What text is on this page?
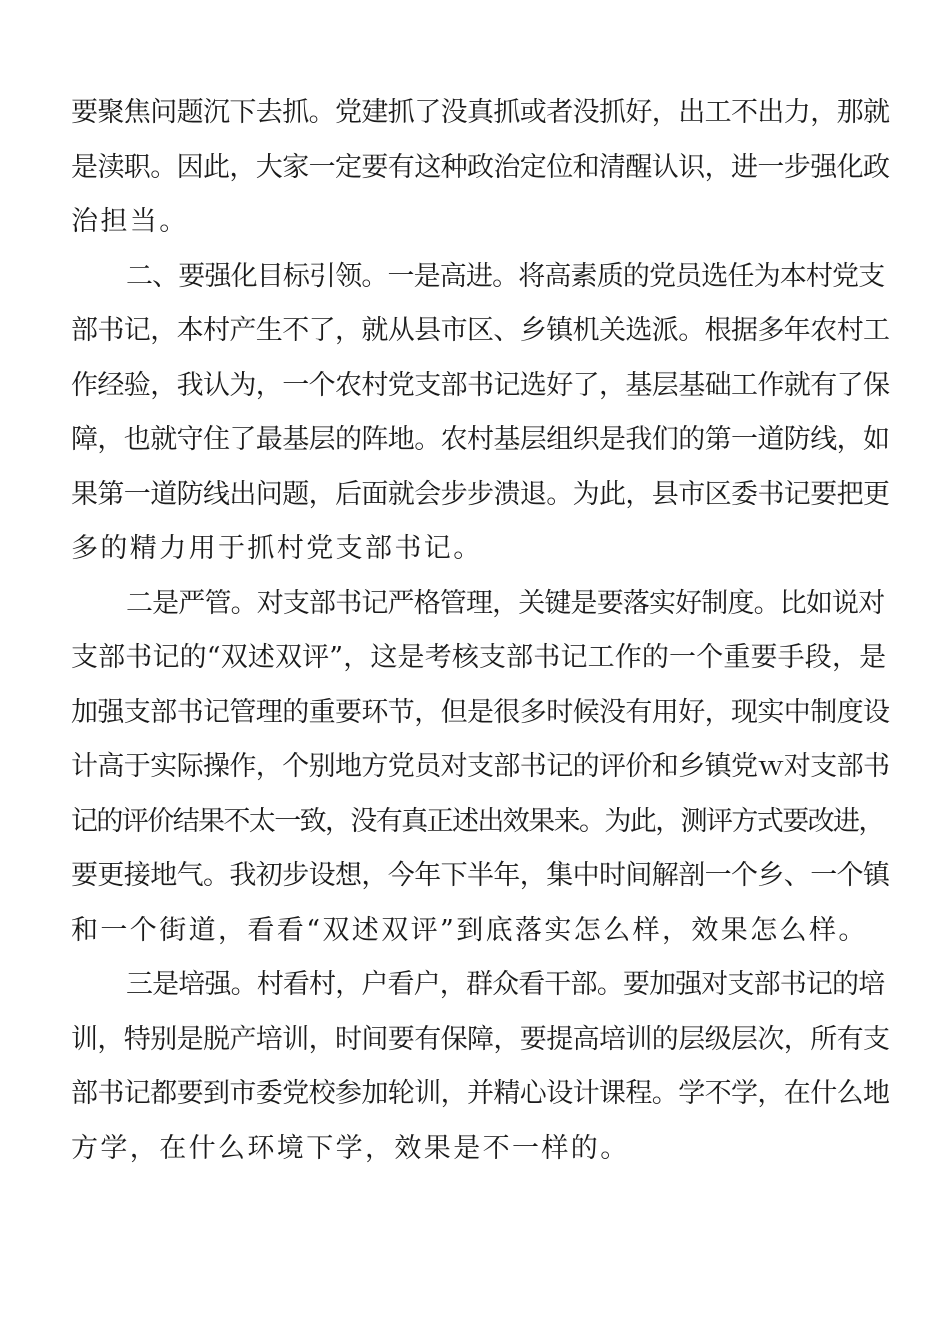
要聚焦问题沉下去抓。党建抓了没真抓或者没抓好，出工不出力，那就
是渎职。因此，大家一定要有这种政治定位和清醒认识，进一步强化政
治担当。
二、要强化目标引领。一是高进。将高素质的党员选任为本村党支
部书记，本村产生不了，就从县市区、乡镇机关选派。根据多年农村工
作经验，我认为，一个农村党支部书记选好了，基层基础工作就有了保
障，也就守住了最基层的阵地。农村基层组织是我们的第一道防线，如
果第一道防线出问题，后面就会步步溃退。为此，县市区委书记要把更
多的精力用于抓村党支部书记。
二是严管。对支部书记严格管理，关键是要落实好制度。比如说对
支部书记的“双述双评”，这是考核支部书记工作的一个重要手段，是
加强支部书记管理的重要环节，但是很多时候没有用好，现实中制度设
计高于实际操作，个别地方党员对支部书记的评价和乡镇党ｗ对支部书
记的评价结果不太一致，没有真正述出效果来。为此，测评方式要改进，
要更接地气。我初步设想，今年下半年，集中时间解剖一个乡、一个镇
和一个街道，看看“双述双评”到底落实怎么样，效果怎么样。
三是培强。村看村，户看户，群众看干部。要加强对支部书记的培
训，特别是脱产培训，时间要有保障，要提高培训的层级层次，所有支
部书记都要到市委党校参加轮训，并精心设计课程。学不学，在什么地
方学，在什么环境下学，效果是不一样的。
